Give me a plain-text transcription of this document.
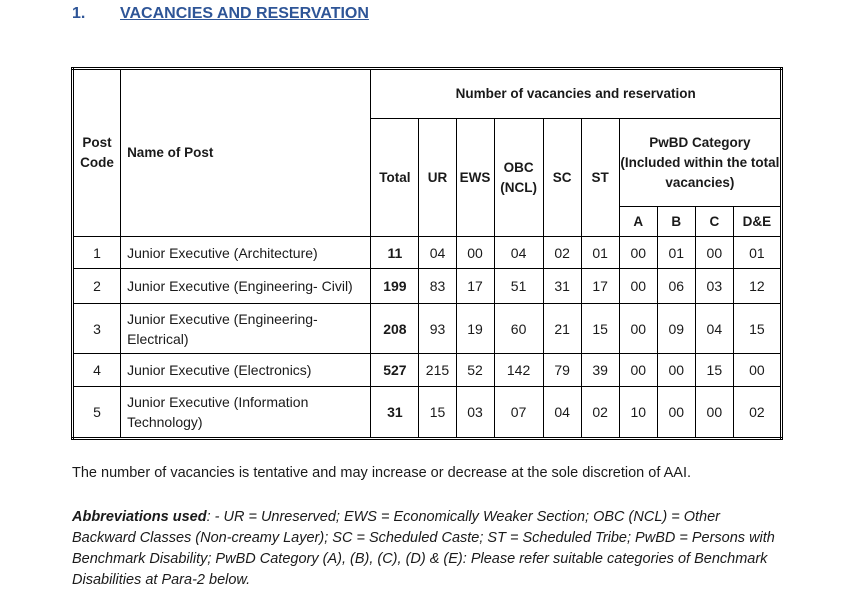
1. VACANCIES AND RESERVATION
Post Code	Name of Post	Number of vacancies and reservation									
		Total	UR	EWS	OBC (NCL)	SC	ST	PwBD Category (Included within the total vacancies)			
								A	B	C	D&E
1	Junior Executive (Architecture)	11	04	00	04	02	01	00	01	00	01
2	Junior Executive (Engineering- Civil)	199	83	17	51	31	17	00	06	03	12
3	Junior Executive (Engineering- Electrical)	208	93	19	60	21	15	00	09	04	15
4	Junior Executive (Electronics)	527	215	52	142	79	39	00	00	15	00
5	Junior Executive (Information Technology)	31	15	03	07	04	02	10	00	00	02
The number of vacancies is tentative and may increase or decrease at the sole discretion of AAI.
Abbreviations used: - UR = Unreserved; EWS = Economically Weaker Section; OBC (NCL) = Other Backward Classes (Non-creamy Layer); SC = Scheduled Caste; ST = Scheduled Tribe; PwBD = Persons with Benchmark Disability; PwBD Category (A), (B), (C), (D) & (E): Please refer suitable categories of Benchmark Disabilities at Para-2 below.
